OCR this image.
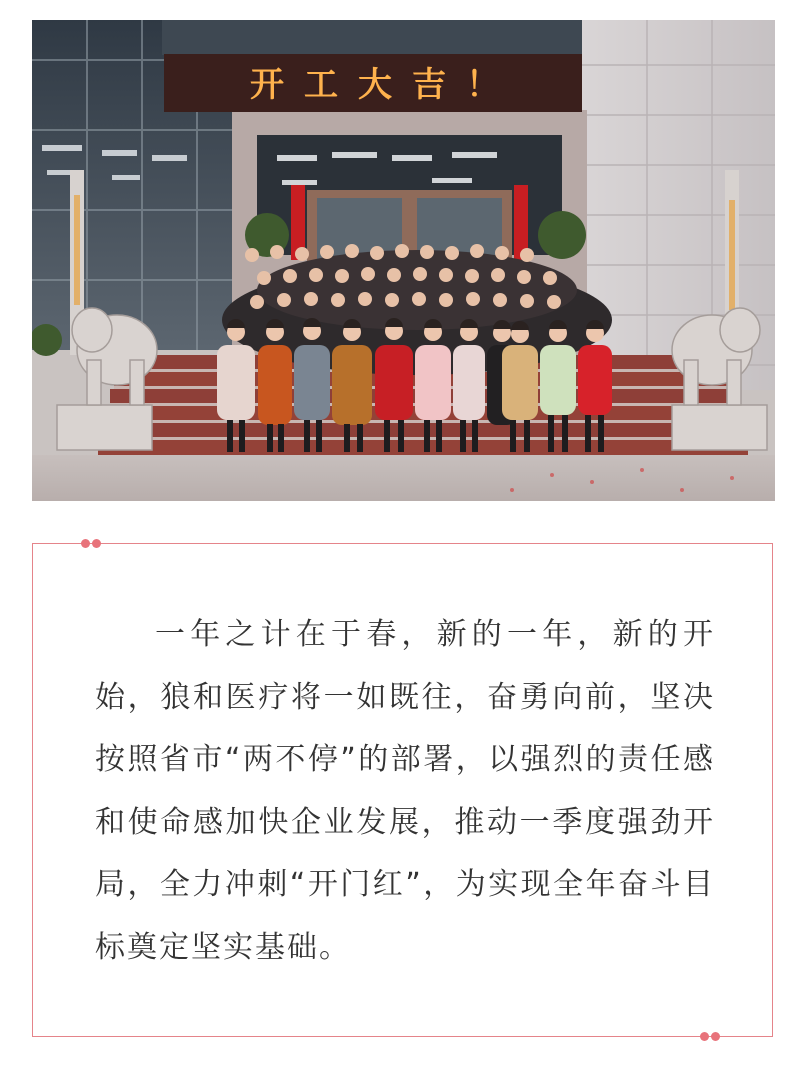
开工大吉！

一年之计在于春，新的一年，新的开始，狼和医疗将一如既往，奋勇向前，坚决按照省市“两不停”的部署，以强烈的责任感和使命感加快企业发展，推动一季度强劲开局，全力冲刺“开门红”，为实现全年奋斗目标奠定坚实基础。
